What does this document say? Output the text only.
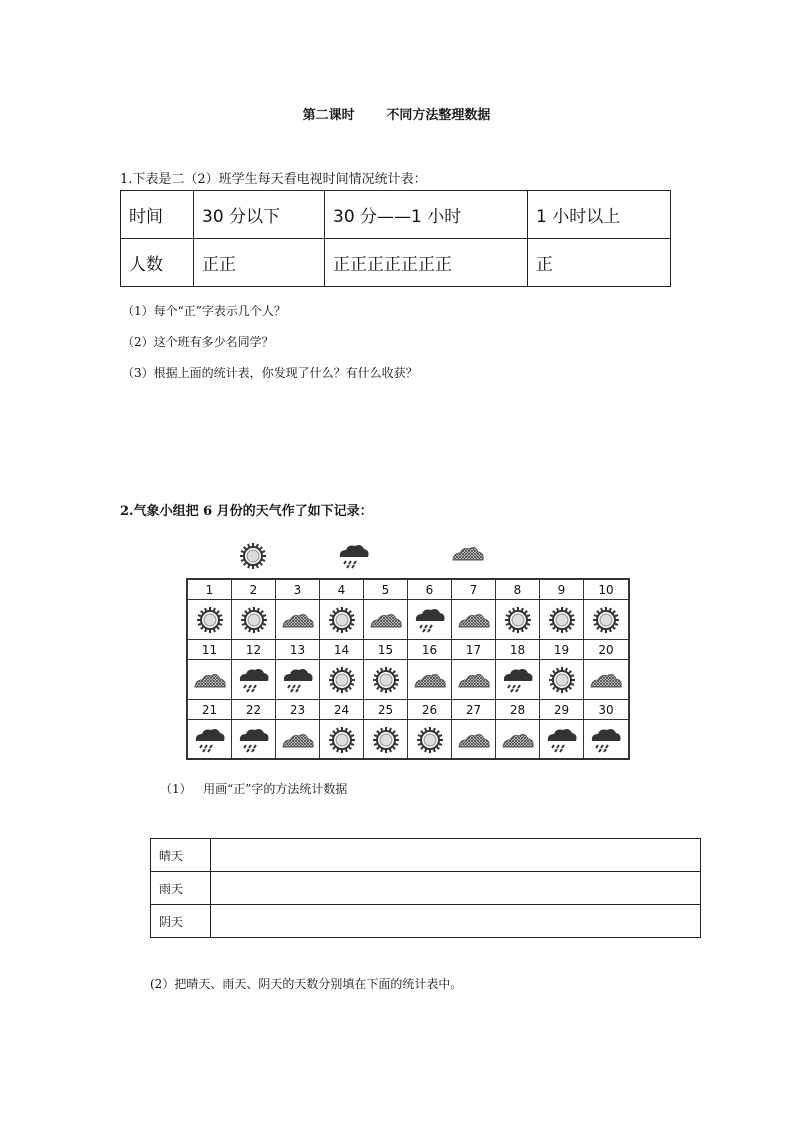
第二课时       不同方法整理数据
1.下表是二（2）班学生每天看电视时间情况统计表：
时间	30 分以下	30 分——1 小时	1 小时以上
人数	正正	正正正正正正正	正
（1）每个“正”字表示几个人？
（2）这个班有多少名同学？
（3）根据上面的统计表，你发现了什么？有什么收获？
2.气象小组把 6 月份的天气作了如下记录：
1	2	3	4	5	6	7	8	9	10
11	12	13	14	15	16	17	18	19	20
21	22	23	24	25	26	27	28	29	30
（1）   用画“正”字的方法统计数据
晴天	
雨天	
阴天	
(2）把晴天、雨天、阴天的天数分别填在下面的统计表中。
